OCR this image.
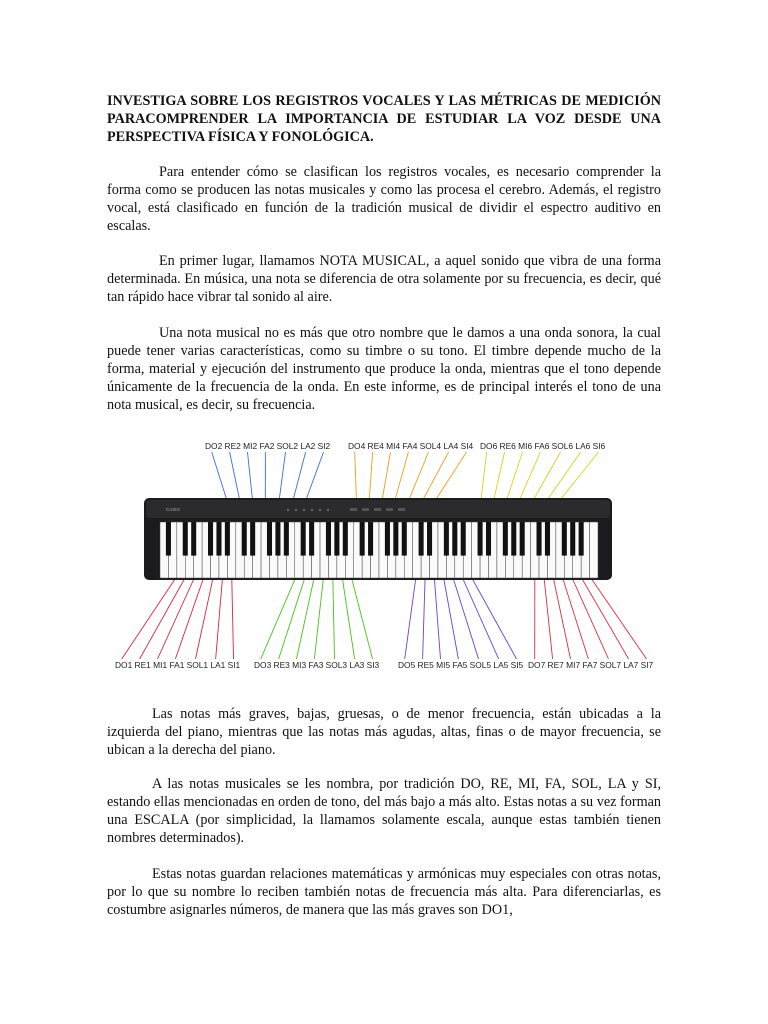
INVESTIGA SOBRE LOS REGISTROS VOCALES Y LAS MÉTRICAS DE MEDICIÓN PARACOMPRENDER LA IMPORTANCIA DE ESTUDIAR LA VOZ DESDE UNA PERSPECTIVA FÍSICA Y FONOLÓGICA.

Para entender cómo se clasifican los registros vocales, es necesario comprender la forma como se producen las notas musicales y como las procesa el cerebro. Además, el registro vocal, está clasificado en función de la tradición musical de dividir el espectro auditivo en escalas.

En primer lugar, llamamos NOTA MUSICAL, a aquel sonido que vibra de una forma determinada. En música, una nota se diferencia de otra solamente por su frecuencia, es decir, qué tan rápido hace vibrar tal sonido al aire.

Una nota musical no es más que otro nombre que le damos a una onda sonora, la cual puede tener varias características, como su timbre o su tono. El timbre depende mucho de la forma, material y ejecución del instrumento que produce la onda, mientras que el tono depende únicamente de la frecuencia de la onda. En este informe, es de principal interés el tono de una nota musical, es decir, su frecuencia.

CASIO
DO2 RE2 MI2 FA2 SOL2 LA2 SI2 DO4 RE4 MI4 FA4 SOL4 LA4 SI4 DO6 RE6 MI6 FA6 SOL6 LA6 SI6
DO1 RE1 MI1 FA1 SOL1 LA1 SI1 DO3 RE3 MI3 FA3 SOL3 LA3 SI3 DO5 RE5 MI5 FA5 SOL5 LA5 SI5 DO7 RE7 MI7 FA7 SOL7 LA7 SI7

Las notas más graves, bajas, gruesas, o de menor frecuencia, están ubicadas a la izquierda del piano, mientras que las notas más agudas, altas, finas o de mayor frecuencia, se ubican a la derecha del piano.

A las notas musicales se les nombra, por tradición DO, RE, MI, FA, SOL, LA y SI, estando ellas mencionadas en orden de tono, del más bajo a más alto. Estas notas a su vez forman una ESCALA (por simplicidad, la llamamos solamente escala, aunque estas también tienen nombres determinados).

Estas notas guardan relaciones matemáticas y armónicas muy especiales con otras notas, por lo que su nombre lo reciben también notas de frecuencia más alta. Para diferenciarlas, es costumbre asignarles números, de manera que las más graves son DO1,
